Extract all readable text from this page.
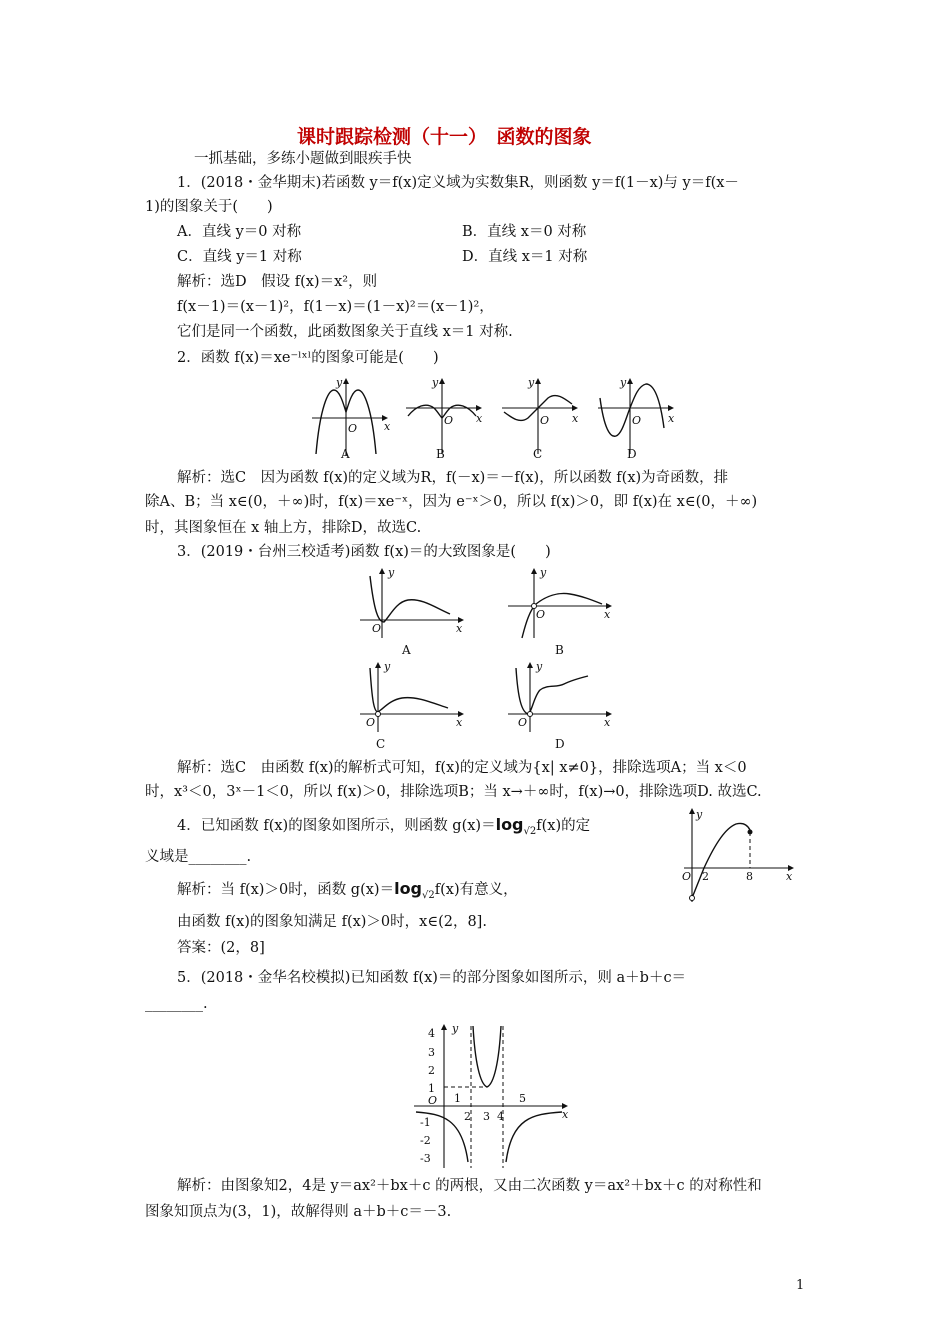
课时跟踪检测（十一）　函数的图象
一抓基础，多练小题做到眼疾手快
1．(2018・金华期末)若函数 y＝f(x)定义域为实数集R，则函数 y＝f(1－x)与 y＝f(x－
1)的图象关于(　　)
A．直线 y＝0 对称	B．直线 x＝0 对称
C．直线 y＝1 对称	D．直线 x＝1 对称
解析：选D　假设 f(x)＝x²，则
f(x－1)＝(x－1)²，f(1－x)＝(1－x)²＝(x－1)²，
它们是同一个函数，此函数图象关于直线 x＝1 对称.
2．函数 f(x)＝xe⁻ˡˣˡ的图象可能是(　　)
y
x
O
A
y
x
O
B
y
x
O
C
y
x
O
D
解析：选C　因为函数 f(x)的定义域为R，f(－x)＝－f(x)，所以函数 f(x)为奇函数，排
除A、B；当 x∈(0，＋∞)时，f(x)＝xe⁻ˣ，因为 e⁻ˣ＞0，所以 f(x)＞0，即 f(x)在 x∈(0，＋∞)
时，其图象恒在 x 轴上方，排除D，故选C.
3．(2019・台州三校适考)函数 f(x)＝的大致图象是(　　)
y
x
O
A
y
x
O
B
y
x
O
C
y
x
O
D
解析：选C　由函数 f(x)的解析式可知，f(x)的定义域为{x| x≠0}，排除选项A；当 x＜0
时，x³＜0，3ˣ－1＜0，所以 f(x)＞0，排除选项B；当 x→＋∞时，f(x)→0，排除选项D. 故选C.
4．已知函数 f(x)的图象如图所示，则函数 $g(x)=\log_{√2}f(x)$的定
义域是________.
解析：当 f(x)＞0时，函数 $g(x)=\log_{√2}f(x)$有意义，
由函数 f(x)的图象知满足 f(x)＞0时，x∈(2，8].
答案：(2，8]
y
x
O 2	8
5．(2018・金华名校模拟)已知函数 f(x)＝的部分图象如图所示，则 a＋b＋c＝
________.
y
x
O
4
3
2
1
-1
-2
-3
1
2 3 4
5
解析：由图象知2，4是 y＝ax²＋bx＋c 的两根，又由二次函数 y＝ax²＋bx＋c 的对称性和
图象知顶点为(3，1)，故解得则 a＋b＋c＝－3.
1
